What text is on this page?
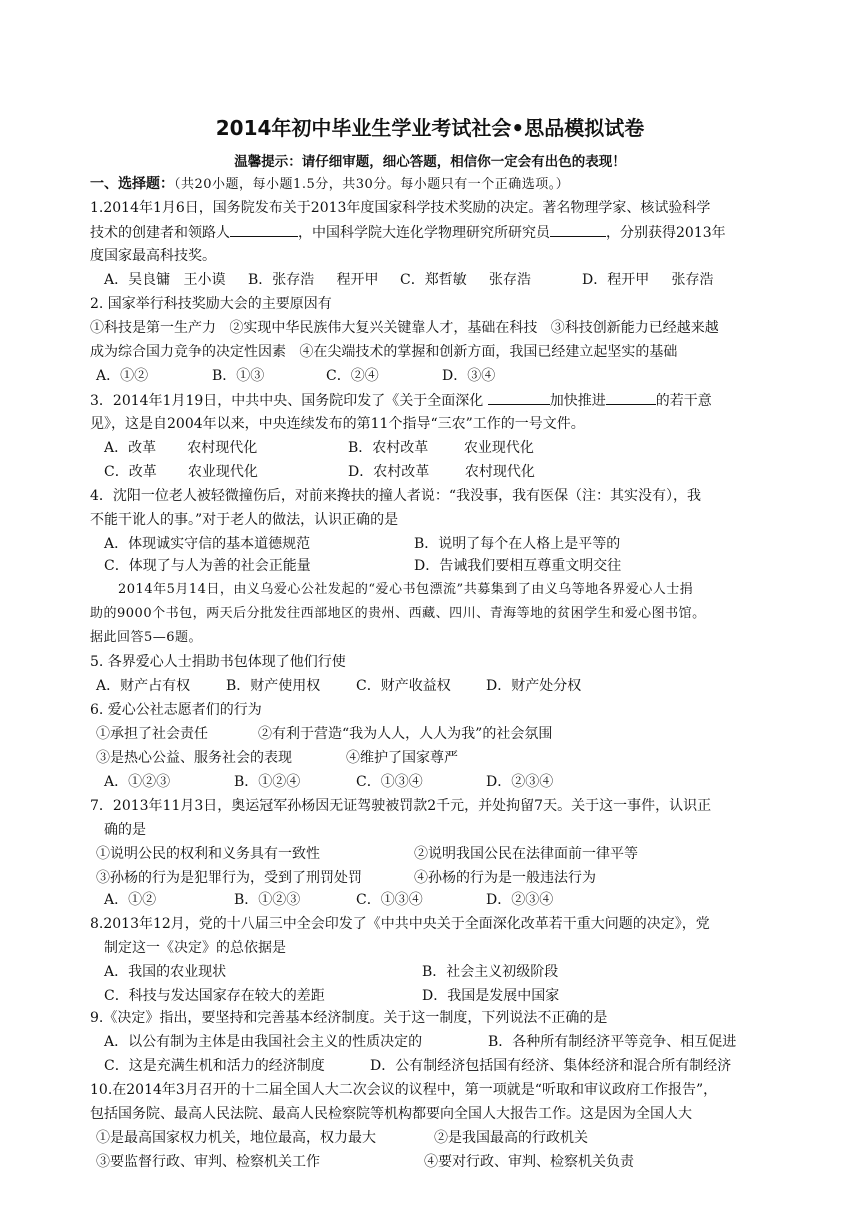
2014年初中毕业生学业考试社会•思品模拟试卷
温馨提示：请仔细审题，细心答题，相信你一定会有出色的表现！
一、选择题：（共20小题，每小题1.5分，共30分。每小题只有一个正确选项。）
1.2014年1月6日，国务院发布关于2013年度国家科学技术奖励的决定。著名物理学家、核试验科学
技术的创建者和领路人	，中国科学院大连化学物理研究所研究员	，分别获得2013年
度国家最高科技奖。
A．吴良镛   王小谟 B．张存浩     程开甲 C．郑哲敏     张存浩	D．程开甲     张存浩
2. 国家举行科技奖励大会的主要原因有
①科技是第一生产力   ②实现中华民族伟大复兴关键靠人才，基础在科技   ③科技创新能力已经越来越
成为综合国力竞争的决定性因素   ④在尖端技术的掌握和创新方面，我国已经建立起坚实的基础
A．①②	B．①③	C．②④	D．③④
3．2014年1月19日，中共中央、国务院印发了《关于全面深化	加快推进	的若干意
见》，这是自2004年以来，中央连续发布的第11个指导“三农”工作的一号文件。
A．改革       农村现代化	B．农村改革        农业现代化
C．改革       农业现代化	D．农村改革        农村现代化
4．沈阳一位老人被轻微撞伤后，对前来搀扶的撞人者说：“我没事，我有医保（注：其实没有），我
不能干讹人的事。”对于老人的做法，认识正确的是
A．体现诚实守信的基本道德规范	B．说明了每个在人格上是平等的
C．体现了与人为善的社会正能量	D．告诫我们要相互尊重文明交往
2014年5月14日，由义乌爱心公社发起的“爱心书包漂流”共募集到了由义乌等地各界爱心人士捐
助的9000个书包，两天后分批发往西部地区的贵州、西藏、四川、青海等地的贫困学生和爱心图书馆。
据此回答5—6题。
5. 各界爱心人士捐助书包体现了他们行使
A．财产占有权	B．财产使用权	C．财产收益权	D．财产处分权
6. 爱心公社志愿者们的行为
①承担了社会责任	②有利于营造“我为人人，人人为我”的社会氛围
③是热心公益、服务社会的表现	④维护了国家尊严
A．①②③	B．①②④	C．①③④	D．②③④
7．2013年11月3日，奥运冠军孙杨因无证驾驶被罚款2千元，并处拘留7天。关于这一事件，认识正
确的是
①说明公民的权利和义务具有一致性	②说明我国公民在法律面前一律平等
③孙杨的行为是犯罪行为，受到了刑罚处罚	④孙杨的行为是一般违法行为
A．①②	B．①②③	C．①③④	D．②③④
8.2013年12月，党的十八届三中全会印发了《中共中央关于全面深化改革若干重大问题的决定》，党
制定这一《决定》的总依据是
A．我国的农业现状	B．社会主义初级阶段
C．科技与发达国家存在较大的差距	D．我国是发展中国家
9.《决定》指出，要坚持和完善基本经济制度。关于这一制度，下列说法不正确的是
A．以公有制为主体是由我国社会主义的性质决定的	B．各种所有制经济平等竞争、相互促进
C．这是充满生机和活力的经济制度	D．公有制经济包括国有经济、集体经济和混合所有制经济
10.在2014年3月召开的十二届全国人大二次会议的议程中，第一项就是“听取和审议政府工作报告”，
包括国务院、最高人民法院、最高人民检察院等机构都要向全国人大报告工作。这是因为全国人大
①是最高国家权力机关，地位最高，权力最大	②是我国最高的行政机关
③要监督行政、审判、检察机关工作	④要对行政、审判、检察机关负责
